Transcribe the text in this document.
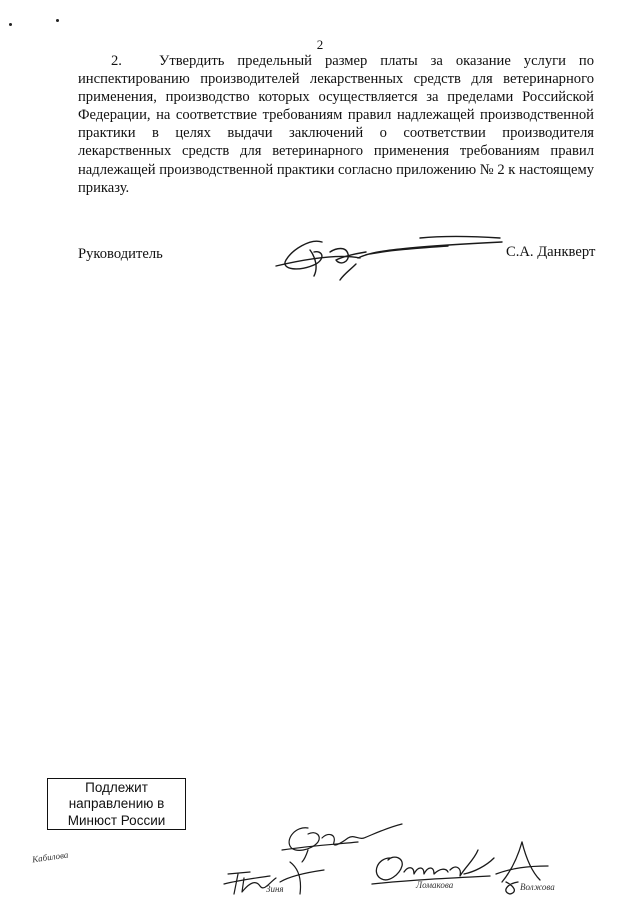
2

2.	Утвердить предельный размер платы за оказание услуги по инспектированию производителей лекарственных средств для ветеринарного применения, производство которых осуществляется за пределами Российской Федерации, на соответствие требованиям правил надлежащей производственной практики в целях выдачи заключений о соответствии производителя лекарственных средств для ветеринарного применения требованиям правил надлежащей производственной практики согласно приложению № 2 к настоящему приказу.

Руководитель	С.А. Данкверт
Подлежит
направлению в
Минюст России
Кабилова
Зиня	Ломакова	Волжова
